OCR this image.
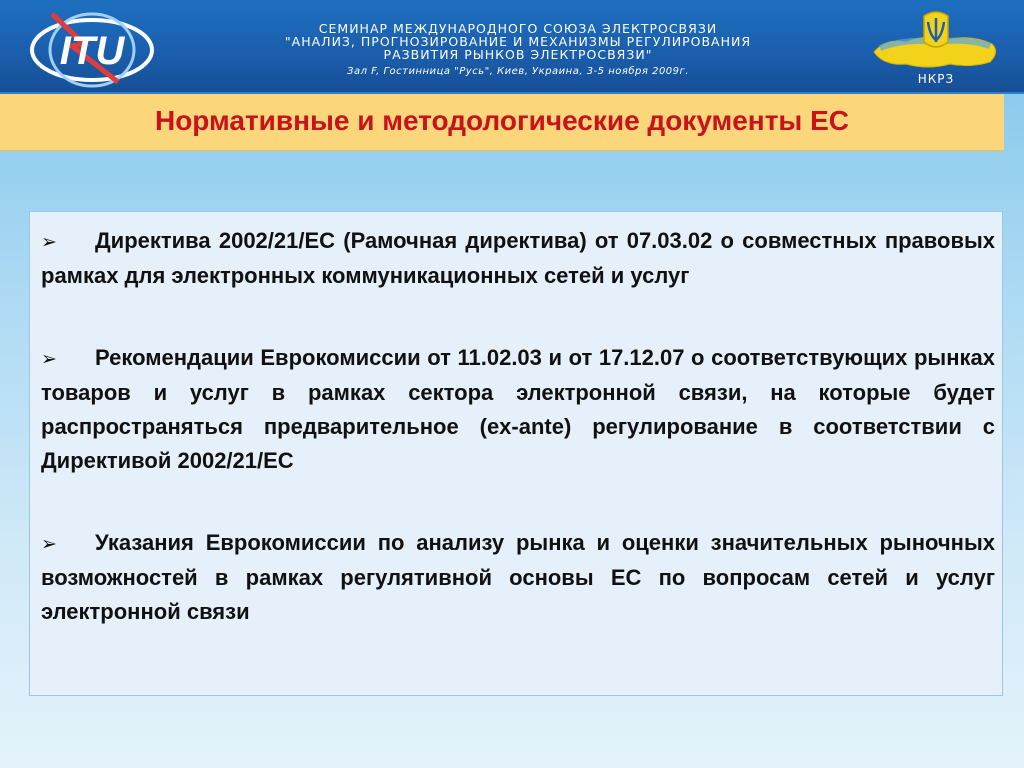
ITU
СЕМИНАР МЕЖДУНАРОДНОГО СОЮЗА ЭЛЕКТРОСВЯЗИ
"АНАЛИЗ, ПРОГНОЗИРОВАНИЕ И МЕХАНИЗМЫ РЕГУЛИРОВАНИЯ
РАЗВИТИЯ РЫНКОВ ЭЛЕКТРОСВЯЗИ"
Зал F, Гостинница "Русь", Киев, Украина, 3-5 ноября 2009г.
НКРЗ
Нормативные и методологические документы ЕС
➢ Директива 2002/21/ЕС (Рамочная директива) от 07.03.02 о совместных правовых рамках для электронных коммуникационных сетей и услуг
➢ Рекомендации Еврокомиссии от 11.02.03 и от 17.12.07 о соответствующих рынках товаров и услуг в рамках сектора электронной связи, на которые будет распространяться предварительное (ex-ante) регулирование в соответствии с Директивой 2002/21/ЕС
➢ Указания Еврокомиссии по анализу рынка и оценки значительных рыночных возможностей в рамках регулятивной основы ЕС по вопросам сетей и услуг электронной связи
